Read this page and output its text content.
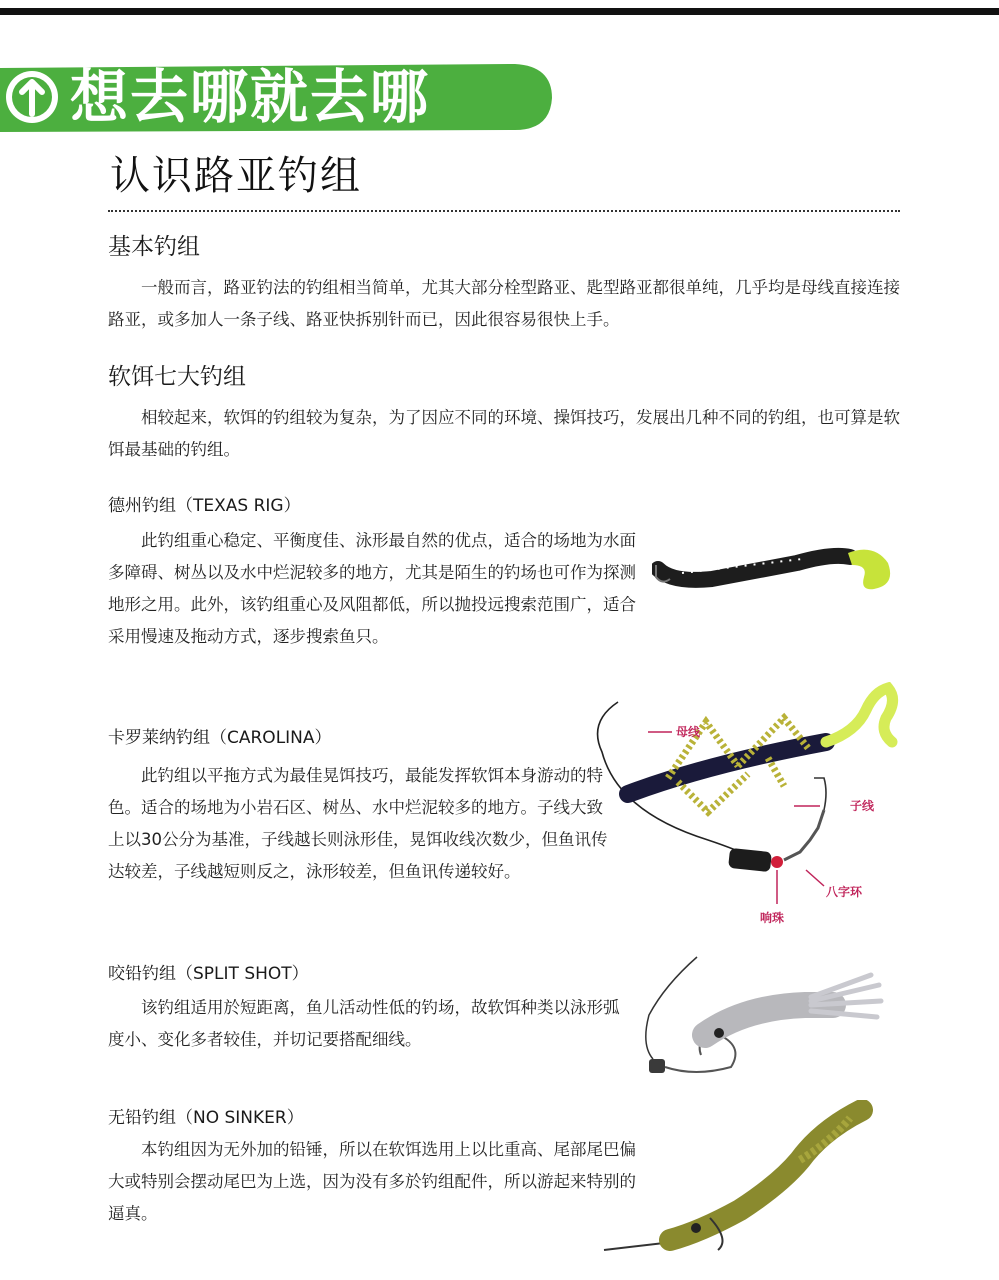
想去哪就去哪
认识路亚钓组
基本钓组
一般而言，路亚钓法的钓组相当简单，尤其大部分栓型路亚、匙型路亚都很单纯，几乎均是母线直接连接路亚，或多加人一条子线、路亚快拆别针而已，因此很容易很快上手。
软饵七大钓组
相较起来，软饵的钓组较为复杂，为了因应不同的环境、操饵技巧，发展出几种不同的钓组，也可算是软饵最基础的钓组。
德州钓组（TEXAS RIG）
此钓组重心稳定、平衡度佳、泳形最自然的优点，适合的场地为水面多障碍、树丛以及水中烂泥较多的地方，尤其是陌生的钓场也可作为探测地形之用。此外，该钓组重心及风阻都低，所以抛投远搜索范围广，适合采用慢速及拖动方式，逐步搜索鱼只。
卡罗莱纳钓组（CAROLINA）
此钓组以平拖方式为最佳晃饵技巧，最能发挥软饵本身游动的特色。适合的场地为小岩石区、树丛、水中烂泥较多的地方。子线大致上以30公分为基准，子线越长则泳形佳，晃饵收线次数少，但鱼讯传达较差，子线越短则反之，泳形较差，但鱼讯传递较好。
母线
子线
八字环
响珠
咬铅钓组（SPLIT SHOT）
该钓组适用於短距离，鱼儿活动性低的钓场，故软饵种类以泳形弧度小、变化多者较佳，并切记要搭配细线。
无铅钓组（NO SINKER）
本钓组因为无外加的铅锤，所以在软饵选用上以比重高、尾部尾巴偏大或特别会摆动尾巴为上选，因为没有多於钓组配件，所以游起来特别的逼真。
